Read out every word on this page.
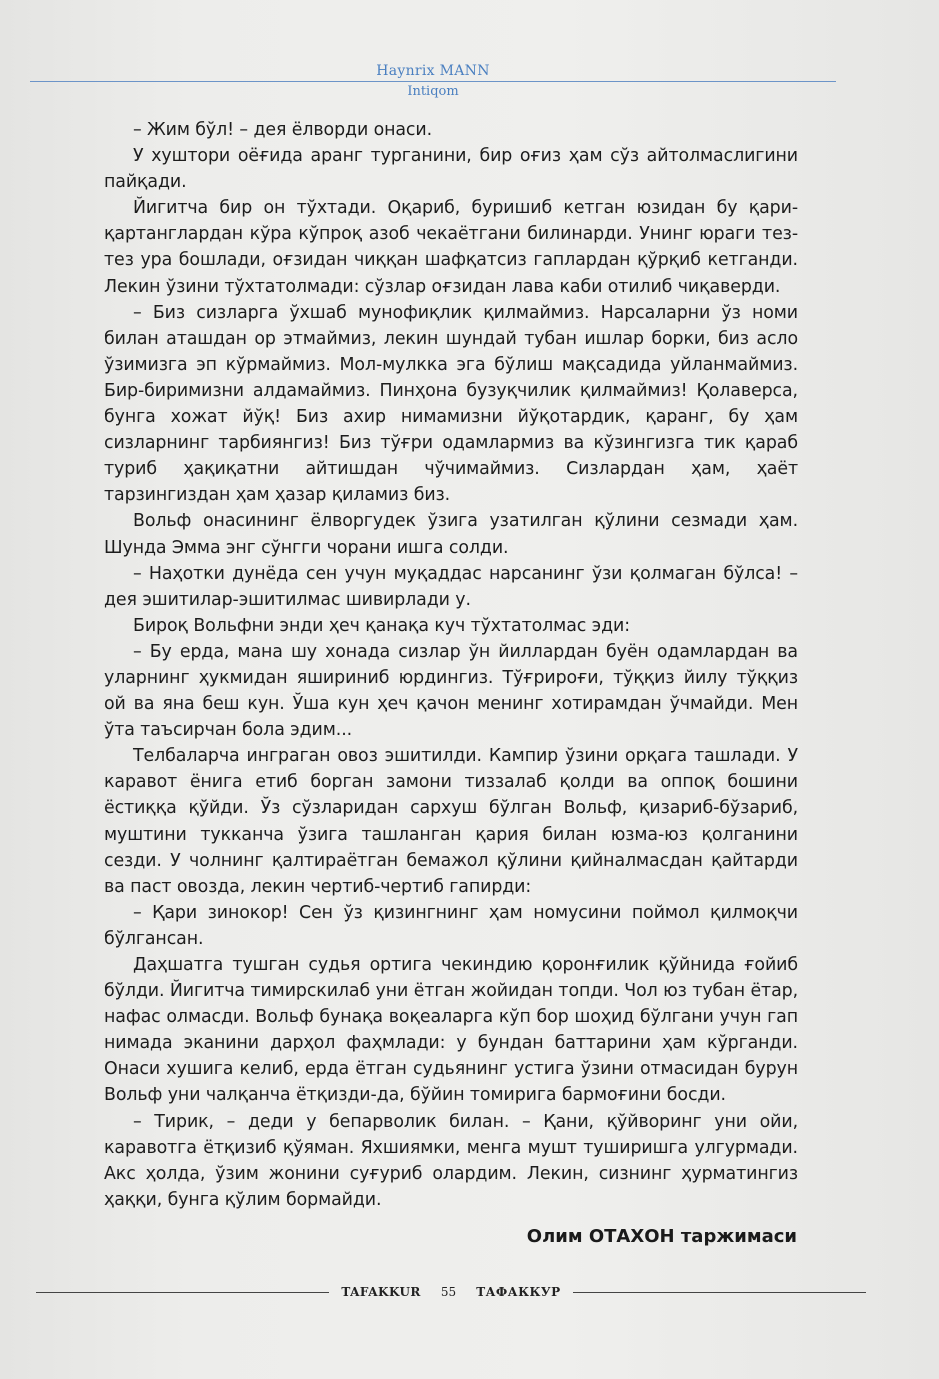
Haynrix MANN
Intiqom

– Жим бўл! – дея ёлворди онаси.

У хуштори оёғида аранг турганини, бир оғиз ҳам сўз айтолмаслигини пайқади.

Йигитча бир он тўхтади. Оқариб, буришиб кетган юзидан бу қари-қартанглардан кўра кўпроқ азоб чекаётгани билинарди. Унинг юраги тез-тез ура бошлади, оғзидан чиққан шафқатсиз гаплардан қўрқиб кетганди. Лекин ўзини тўхтатолмади: сўзлар оғзидан лава каби отилиб чиқаверди.

– Биз сизларга ўхшаб мунофиқлик қилмаймиз. Нарсаларни ўз номи билан аташдан ор этмаймиз, лекин шундай тубан ишлар борки, биз асло ўзимизга эп кўрмаймиз. Мол-мулкка эга бўлиш мақсадида уйланмаймиз. Бир-биримизни алдамаймиз. Пинҳона бузуқчилик қилмаймиз! Қолаверса, бунга хожат йўқ! Биз ахир нимамизни йўқотардик, қаранг, бу ҳам сизларнинг тарбиянгиз! Биз тўғри одамлармиз ва кўзингизга тик қараб туриб ҳақиқатни айтишдан чўчимаймиз. Сизлардан ҳам, ҳаёт тарзингиздан ҳам ҳазар қиламиз биз.

Вольф онасининг ёлворгудек ўзига узатилган қўлини сезмади ҳам. Шунда Эмма энг сўнгги чорани ишга солди.

– Наҳотки дунёда сен учун муқаддас нарсанинг ўзи қолмаган бўлса! – дея эшитилар-эшитилмас шивирлади у.

Бироқ Вольфни энди ҳеч қанақа куч тўхтатолмас эди:

– Бу ерда, мана шу хонада сизлар ўн йиллардан буён одамлардан ва уларнинг ҳукмидан яшириниб юрдингиз. Тўғрироғи, тўққиз йилу тўққиз ой ва яна беш кун. Ўша кун ҳеч қачон менинг хотирамдан ўчмайди. Мен ўта таъсирчан бола эдим...

Телбаларча инграган овоз эшитилди. Кампир ўзини орқага ташлади. У каравот ёнига етиб борган замони тиззалаб қолди ва оппоқ бошини ёстиққа қўйди. Ўз сўзларидан сархуш бўлган Вольф, қизариб-бўзариб, муштини тукканча ўзига ташланган қария билан юзма-юз қолганини сезди. У чолнинг қалтираётган бемажол қўлини қийналмасдан қайтарди ва паст овозда, лекин чертиб-чертиб гапирди:

– Қари зинокор! Сен ўз қизингнинг ҳам номусини поймол қилмоқчи бўлгансан.

Даҳшатга тушган судья ортига чекиндию қоронғилик қўйнида ғойиб бўлди. Йигитча тимирскилаб уни ётган жойидан топди. Чол юз тубан ётар, нафас олмасди. Вольф бунақа воқеаларга кўп бор шоҳид бўлгани учун гап нимада эканини дарҳол фаҳмлади: у бундан баттарини ҳам кўрганди. Онаси хушига келиб, ерда ётган судьянинг устига ўзини отмасидан бурун Вольф уни чалқанча ётқизди-да, бўйин томирига бармоғини босди.

– Тирик, – деди у бепарволик билан. – Қани, қўйворинг уни ойи, каравотга ётқизиб қўяман. Яхшиямки, менга мушт туширишга улгурмади. Акс ҳолда, ўзим жонини суғуриб олардим. Лекин, сизнинг ҳурматингиз ҳаққи, бунга қўлим бормайди.

Олим ОТАХОН таржимаси
TAFAKKUR	55	ТАФАККУР
